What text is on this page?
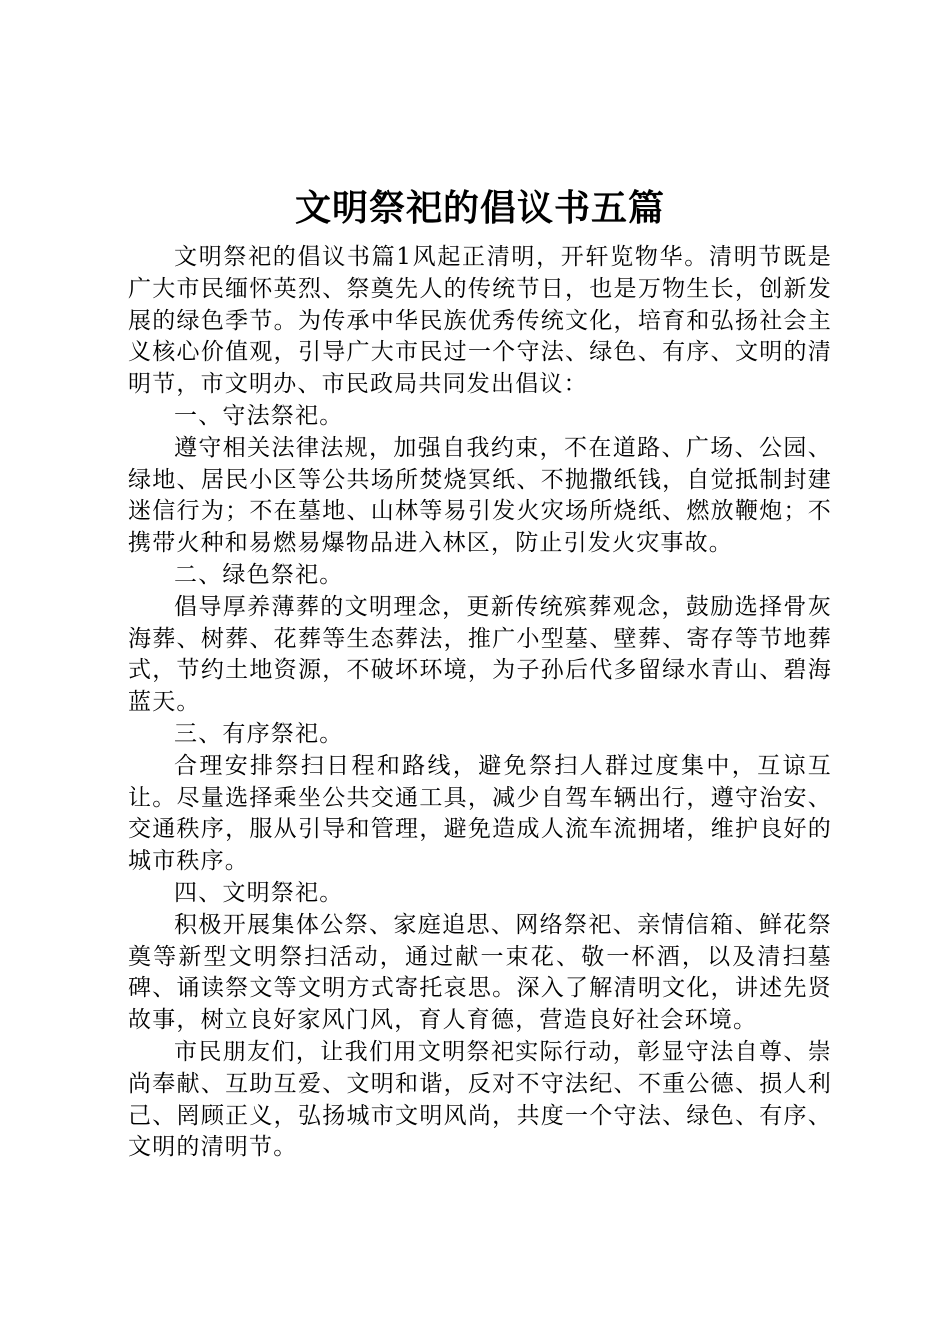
文明祭祀的倡议书五篇

文明祭祀的倡议书篇1风起正清明，开轩览物华。清明节既是广大市民缅怀英烈、祭奠先人的传统节日，也是万物生长，创新发展的绿色季节。为传承中华民族优秀传统文化，培育和弘扬社会主义核心价值观，引导广大市民过一个守法、绿色、有序、文明的清明节，市文明办、市民政局共同发出倡议：

一、守法祭祀。

遵守相关法律法规，加强自我约束，不在道路、广场、公园、绿地、居民小区等公共场所焚烧冥纸、不抛撒纸钱，自觉抵制封建迷信行为；不在墓地、山林等易引发火灾场所烧纸、燃放鞭炮；不携带火种和易燃易爆物品进入林区，防止引发火灾事故。

二、绿色祭祀。

倡导厚养薄葬的文明理念，更新传统殡葬观念，鼓励选择骨灰海葬、树葬、花葬等生态葬法，推广小型墓、壁葬、寄存等节地葬式，节约土地资源，不破坏环境，为子孙后代多留绿水青山、碧海蓝天。

三、有序祭祀。

合理安排祭扫日程和路线，避免祭扫人群过度集中，互谅互让。尽量选择乘坐公共交通工具，减少自驾车辆出行，遵守治安、交通秩序，服从引导和管理，避免造成人流车流拥堵，维护良好的城市秩序。

四、文明祭祀。

积极开展集体公祭、家庭追思、网络祭祀、亲情信箱、鲜花祭奠等新型文明祭扫活动，通过献一束花、敬一杯酒，以及清扫墓碑、诵读祭文等文明方式寄托哀思。深入了解清明文化，讲述先贤故事，树立良好家风门风，育人育德，营造良好社会环境。

市民朋友们，让我们用文明祭祀实际行动，彰显守法自尊、崇尚奉献、互助互爱、文明和谐，反对不守法纪、不重公德、损人利己、罔顾正义，弘扬城市文明风尚，共度一个守法、绿色、有序、文明的清明节。
